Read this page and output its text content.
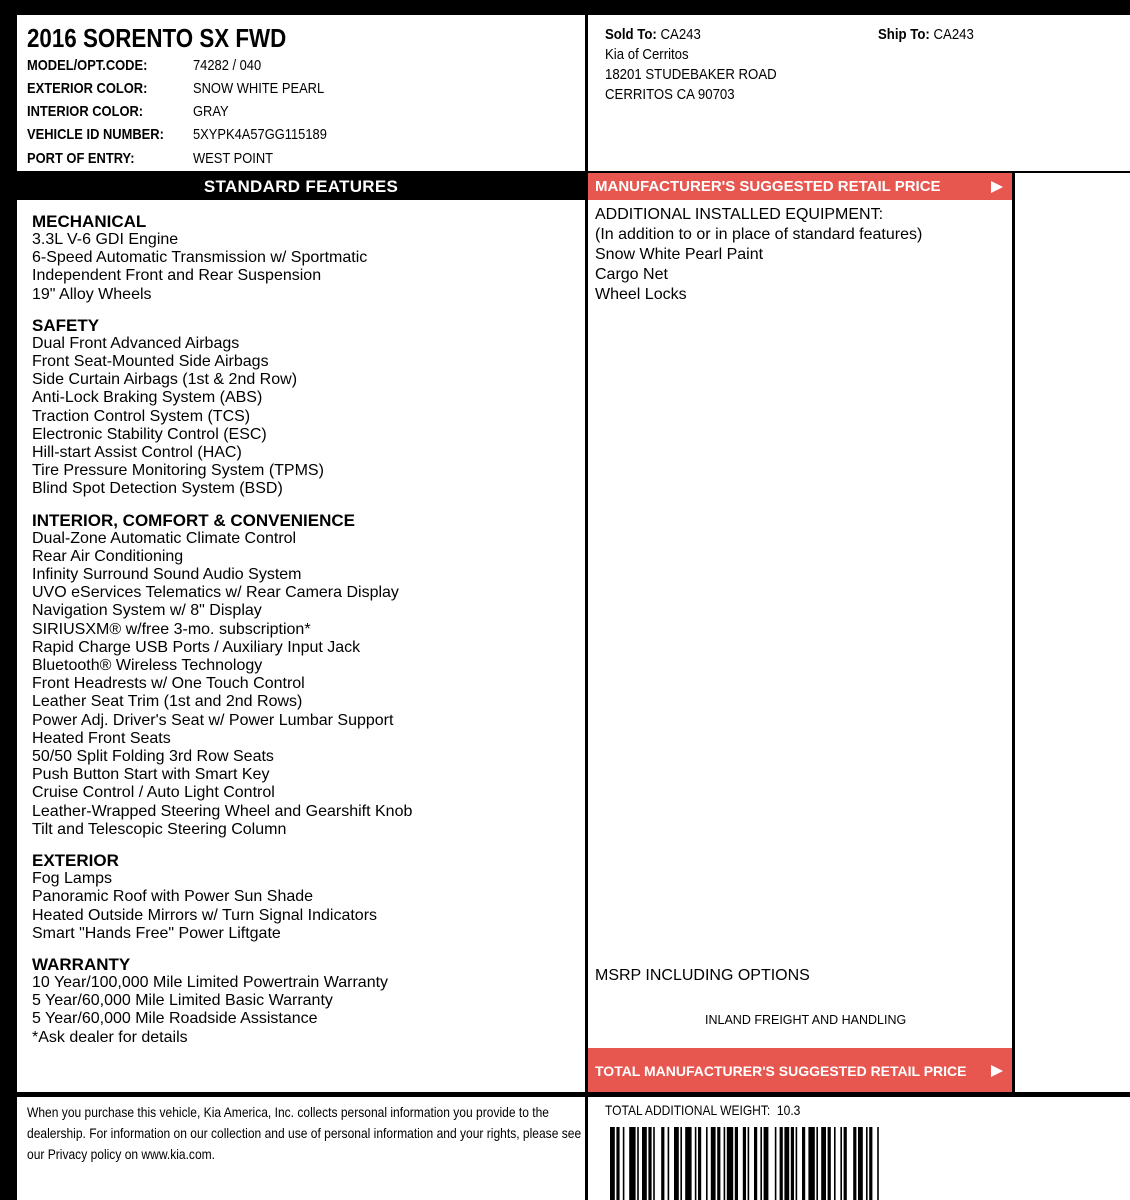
2016 SORENTO SX FWD
MODEL/OPT.CODE:	74282 / 040
EXTERIOR COLOR:	SNOW WHITE PEARL
INTERIOR COLOR:	GRAY
VEHICLE ID NUMBER: 5XYPK4A57GG115189
PORT OF ENTRY:	WEST POINT
Sold To: CA243
Kia of Cerritos
18201 STUDEBAKER ROAD
CERRITOS CA 90703
Ship To: CA243
STANDARD FEATURES
MECHANICAL
3.3L V-6 GDI Engine
6-Speed Automatic Transmission w/ Sportmatic
Independent Front and Rear Suspension
19" Alloy Wheels
SAFETY
Dual Front Advanced Airbags
Front Seat-Mounted Side Airbags
Side Curtain Airbags (1st & 2nd Row)
Anti-Lock Braking System (ABS)
Traction Control System (TCS)
Electronic Stability Control (ESC)
Hill-start Assist Control (HAC)
Tire Pressure Monitoring System (TPMS)
Blind Spot Detection System (BSD)
INTERIOR, COMFORT & CONVENIENCE
Dual-Zone Automatic Climate Control
Rear Air Conditioning
Infinity Surround Sound Audio System
UVO eServices Telematics w/ Rear Camera Display
Navigation System w/ 8" Display
SIRIUSXM® w/free 3-mo. subscription*
Rapid Charge USB Ports / Auxiliary Input Jack
Bluetooth® Wireless Technology
Front Headrests w/ One Touch Control
Leather Seat Trim (1st and 2nd Rows)
Power Adj. Driver's Seat w/ Power Lumbar Support
Heated Front Seats
50/50 Split Folding 3rd Row Seats
Push Button Start with Smart Key
Cruise Control / Auto Light Control
Leather-Wrapped Steering Wheel and Gearshift Knob
Tilt and Telescopic Steering Column
EXTERIOR
Fog Lamps
Panoramic Roof with Power Sun Shade
Heated Outside Mirrors w/ Turn Signal Indicators
Smart "Hands Free" Power Liftgate
WARRANTY
10 Year/100,000 Mile Limited Powertrain Warranty
5 Year/60,000 Mile Limited Basic Warranty
5 Year/60,000 Mile Roadside Assistance
*Ask dealer for details
MANUFACTURER'S SUGGESTED RETAIL PRICE
ADDITIONAL INSTALLED EQUIPMENT:
(In addition to or in place of standard features)
Snow White Pearl Paint
Cargo Net
Wheel Locks
MSRP INCLUDING OPTIONS
INLAND FREIGHT AND HANDLING
TOTAL MANUFACTURER'S SUGGESTED RETAIL PRICE
When you purchase this vehicle, Kia America, Inc. collects personal information you provide to the dealership. For information on our collection and use of personal information and your rights, please see our Privacy policy on www.kia.com.
TOTAL ADDITIONAL WEIGHT: 10.3
